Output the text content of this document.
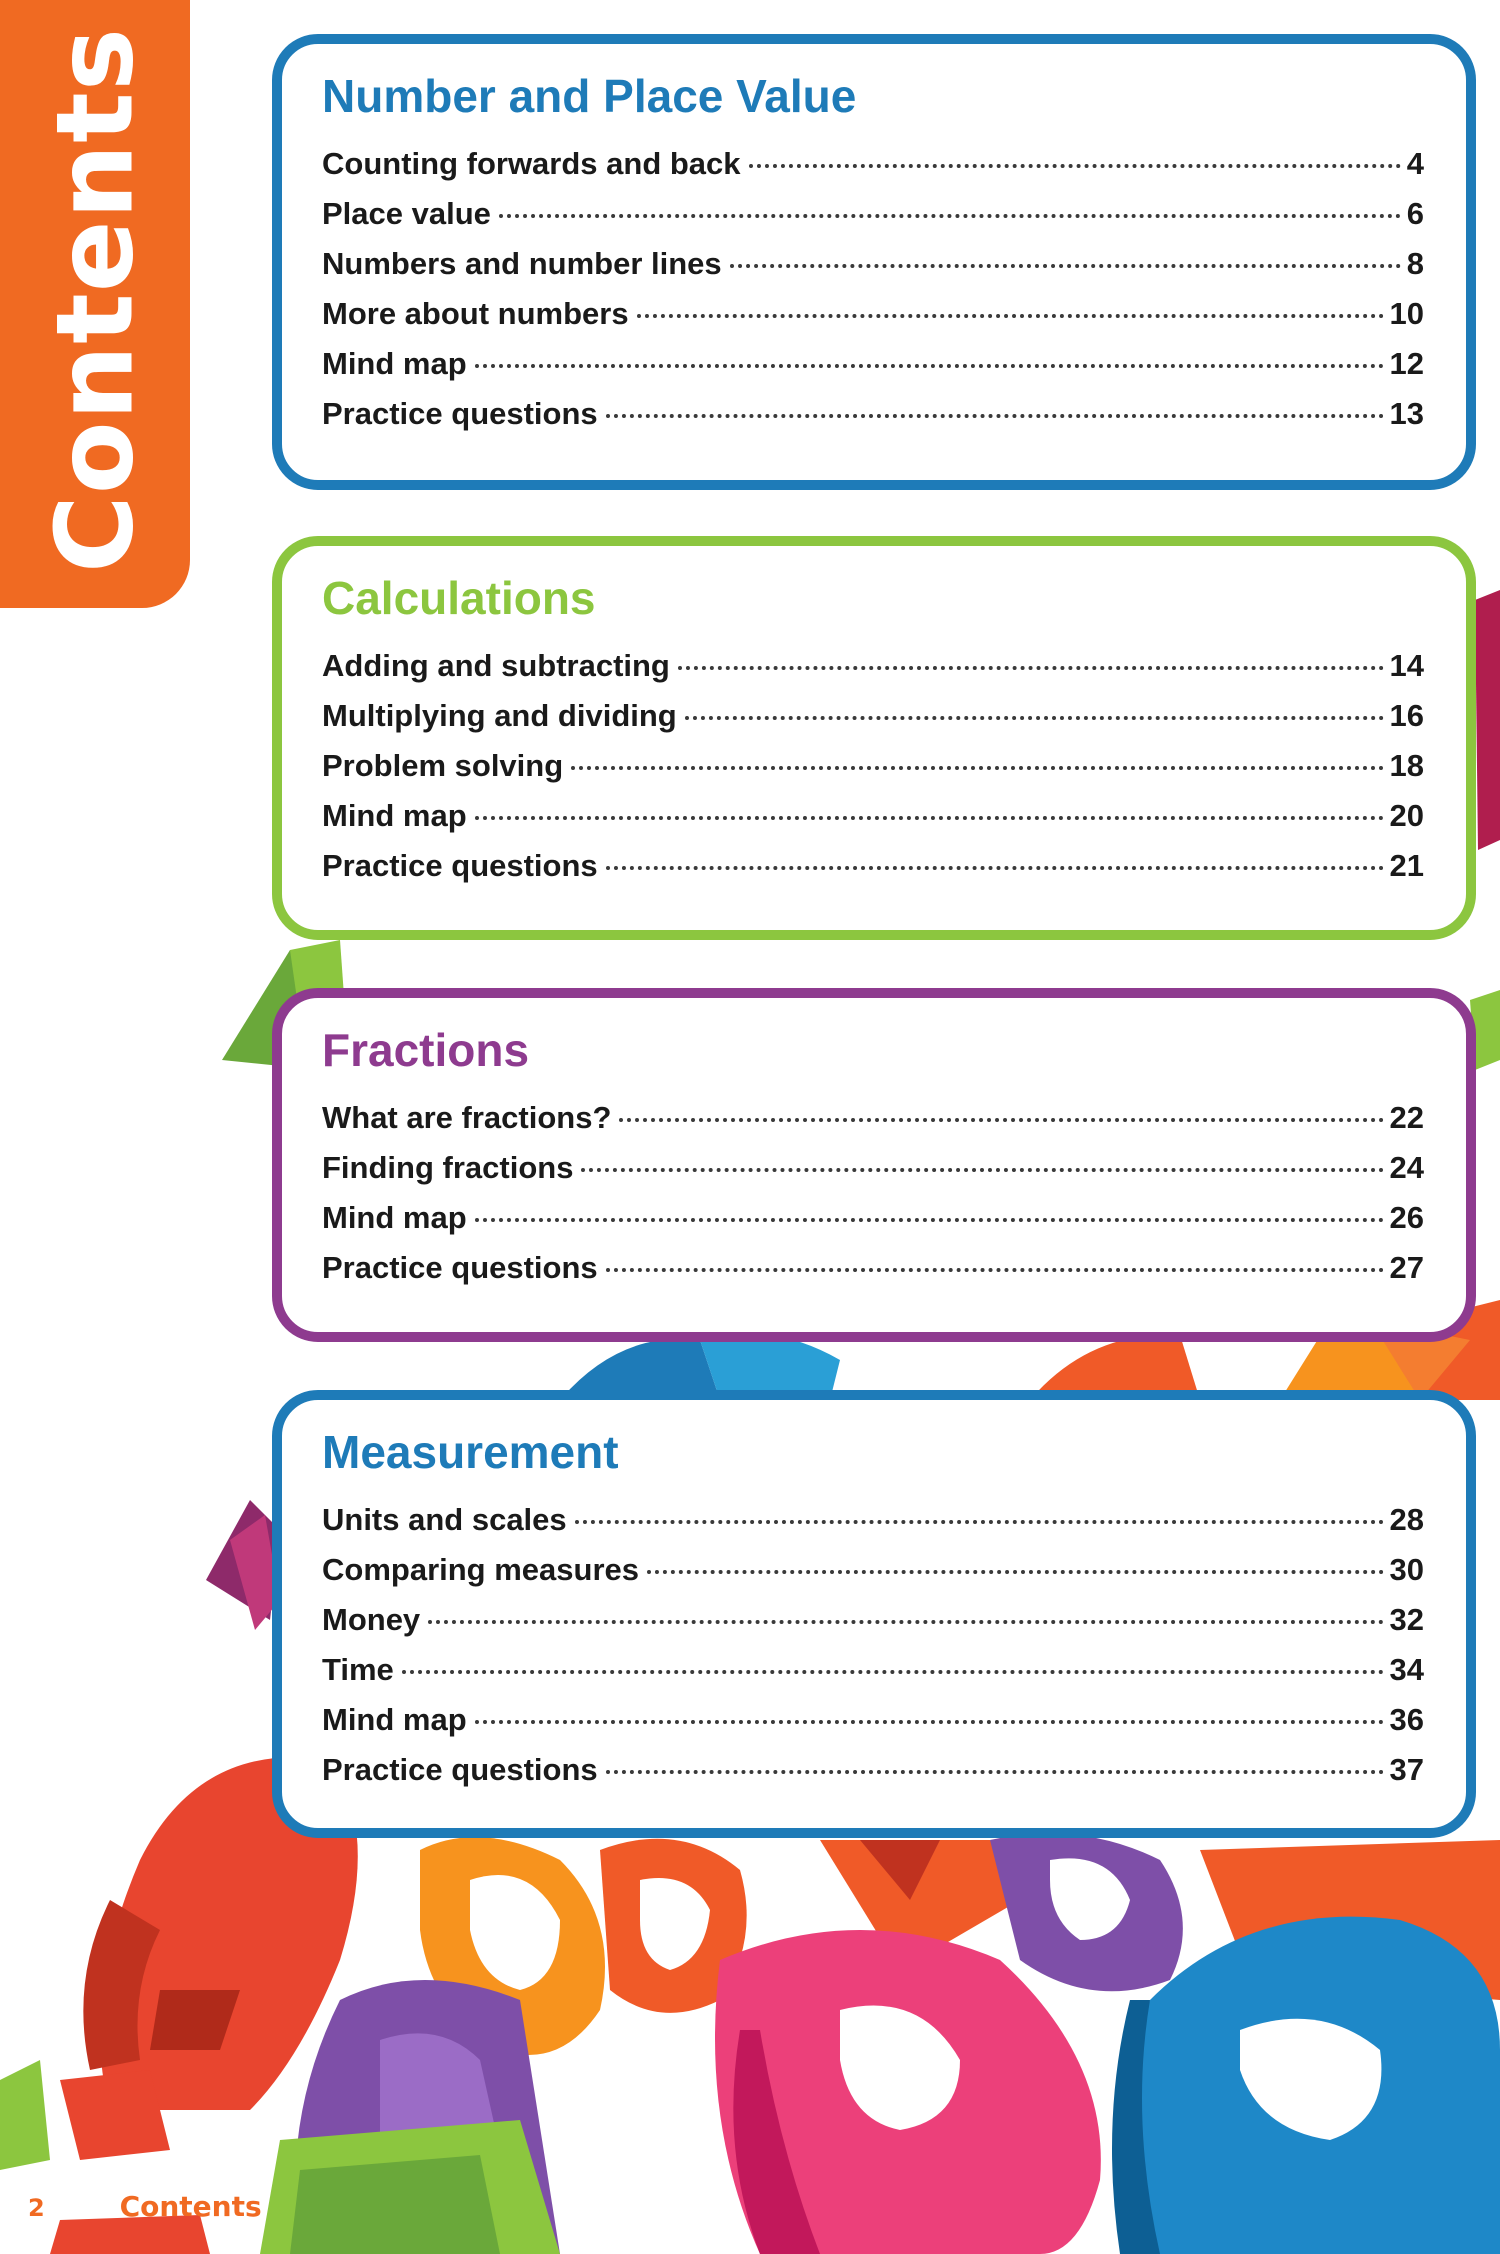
Contents	Number and Place Value
Counting forwards and back	4
Place value	6
Numbers and number lines	8
More about numbers	10
Mind map	12
Practice questions	13
Calculations
Adding and subtracting	14
Multiplying and dividing	16
Problem solving	18
Mind map	20
Practice questions	21
Fractions
What are fractions?	22
Finding fractions	24
Mind map	26
Practice questions	27
Measurement
Units and scales	28
Comparing measures	30
Money	32
Time	34
Mind map	36
Practice questions	37
2	Contents
